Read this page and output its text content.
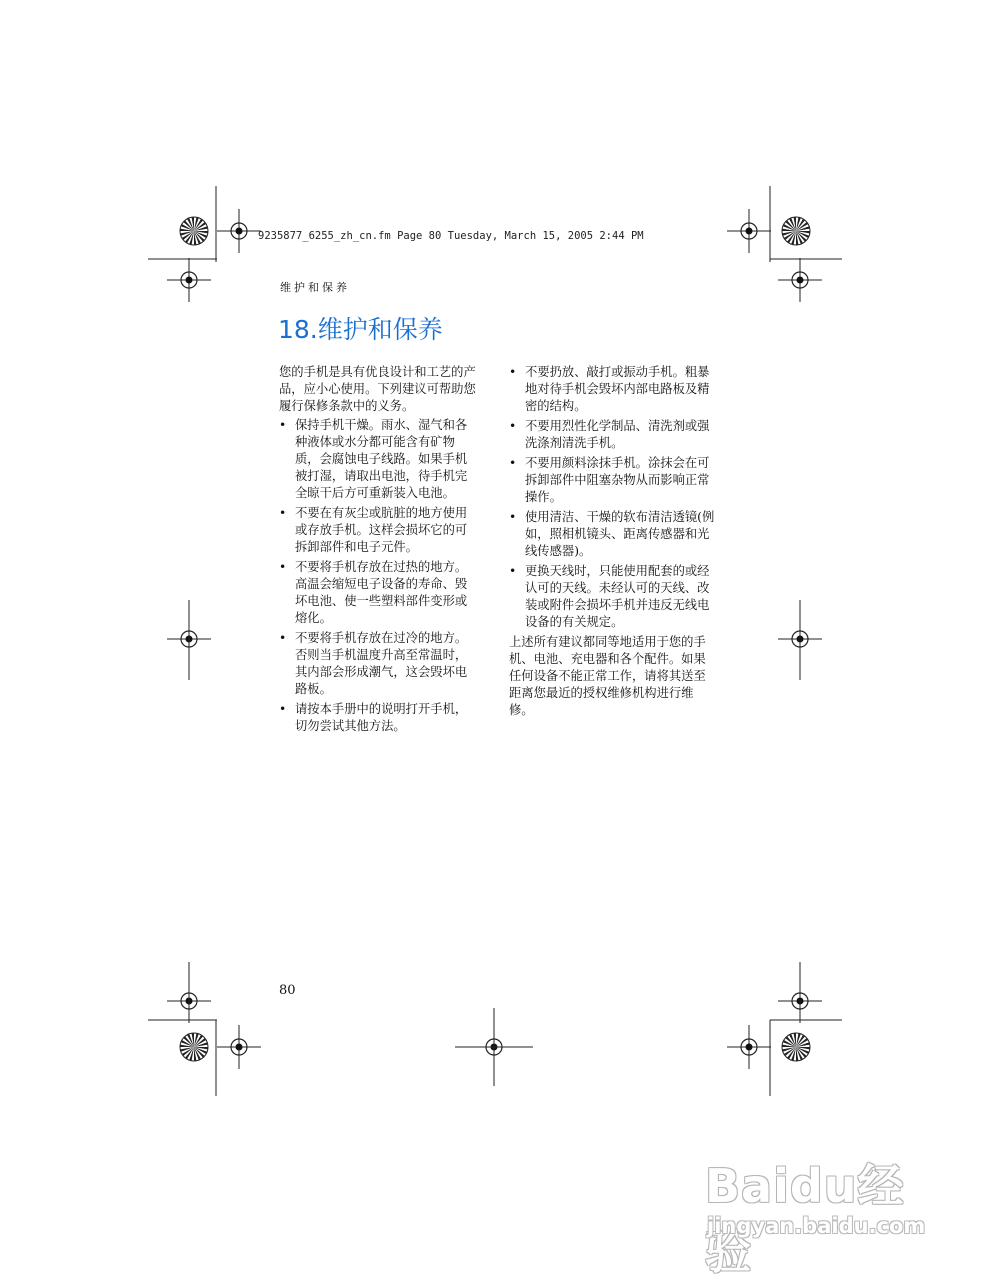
9235877_6255_zh_cn.fm Page 80 Tuesday, March 15, 2005 2:44 PM
维护和保养
18.维护和保养

您的手机是具有优良设计和工艺的产品，应小心使用。下列建议可帮助您履行保修条款中的义务。

• 保持手机干燥。雨水、湿气和各种液体或水分都可能含有矿物质，会腐蚀电子线路。如果手机被打湿，请取出电池，待手机完全晾干后方可重新装入电池。
• 不要在有灰尘或肮脏的地方使用或存放手机。这样会损坏它的可拆卸部件和电子元件。
• 不要将手机存放在过热的地方。高温会缩短电子设备的寿命、毁坏电池、使一些塑料部件变形或熔化。
• 不要将手机存放在过冷的地方。否则当手机温度升高至常温时，其内部会形成潮气，这会毁坏电路板。
• 请按本手册中的说明打开手机，切勿尝试其他方法。
• 不要扔放、敲打或振动手机。粗暴地对待手机会毁坏内部电路板及精密的结构。
• 不要用烈性化学制品、清洗剂或强洗涤剂清洗手机。
• 不要用颜料涂抹手机。涂抹会在可拆卸部件中阻塞杂物从而影响正常操作。
• 使用清洁、干燥的软布清洁透镜(例如，照相机镜头、距离传感器和光线传感器)。
• 更换天线时，只能使用配套的或经认可的天线。未经认可的天线、改装或附件会损坏手机并违反无线电设备的有关规定。

上述所有建议都同等地适用于您的手机、电池、充电器和各个配件。如果任何设备不能正常工作，请将其送至距离您最近的授权维修机构进行维修。

80
Baidu经验
jingyan.baidu.com
